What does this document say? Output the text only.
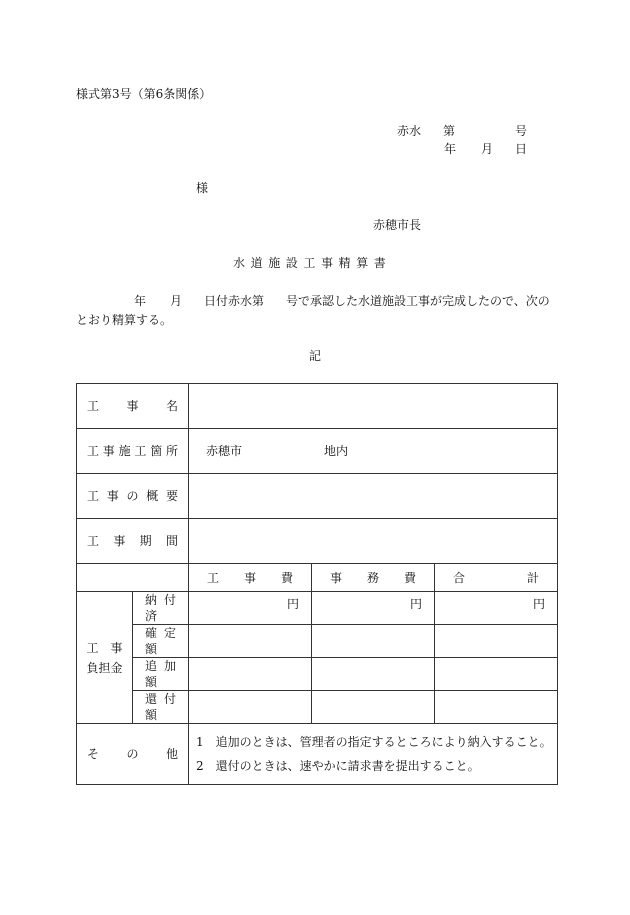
様式第3号（第6条関係）
赤水 第	号
年 月 日
様
赤穂市長
水道施設工事精算書
年 月 日付赤水第 号で承認した水道施設工事が完成したので、次のとおり精算する。
記
工事名				
工事施工箇所		赤穂市 地内		
工事の概要				
工事期間				
		工事費	事務費	合計

工　事
負担金	納付済	円	円	円
	確定額			
	追加額			
	還付額			
その他		1　追加のときは、管理者の指定するところにより納入すること。
2　還付のときは、速やかに請求書を提出すること。		
